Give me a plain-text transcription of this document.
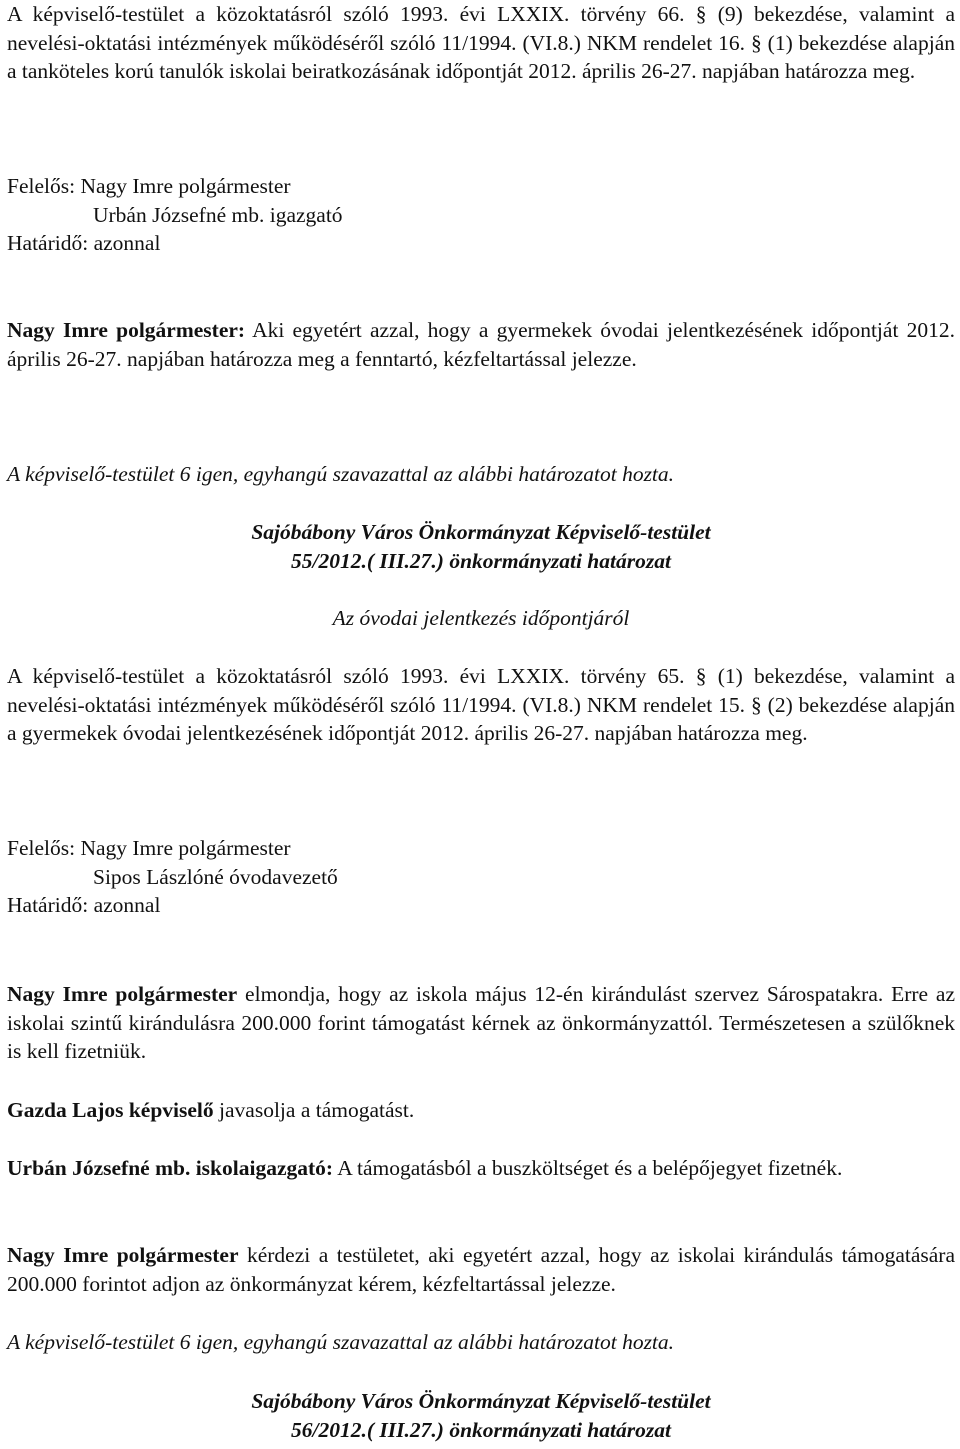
A képviselő-testület a közoktatásról szóló 1993. évi LXXIX. törvény 66. § (9) bekezdése, valamint a nevelési-oktatási intézmények működéséről szóló 11/1994. (VI.8.) NKM rendelet 16. § (1) bekezdése alapján a tanköteles korú tanulók iskolai beiratkozásának időpontját 2012. április 26-27. napjában határozza meg.

Felelős: Nagy Imre polgármester
Urbán Józsefné mb. igazgató
Határidő: azonnal

Nagy Imre polgármester: Aki egyetért azzal, hogy a gyermekek óvodai jelentkezésének időpontját 2012. április 26-27. napjában határozza meg a fenntartó, kézfeltartással jelezze.

A képviselő-testület 6 igen, egyhangú szavazattal az alábbi határozatot hozta.

Sajóbábony Város Önkormányzat Képviselő-testület
55/2012.( III.27.) önkormányzati határozat

Az óvodai jelentkezés időpontjáról

A képviselő-testület a közoktatásról szóló 1993. évi LXXIX. törvény 65. § (1) bekezdése, valamint a nevelési-oktatási intézmények működéséről szóló 11/1994. (VI.8.) NKM rendelet 15. § (2) bekezdése alapján a gyermekek óvodai jelentkezésének időpontját 2012. április 26-27. napjában határozza meg.

Felelős: Nagy Imre polgármester
Sipos Lászlóné óvodavezető
Határidő: azonnal

Nagy Imre polgármester elmondja, hogy az iskola május 12-én kirándulást szervez Sárospatakra. Erre az iskolai szintű kirándulásra 200.000 forint támogatást kérnek az önkormányzattól. Természetesen a szülőknek is kell fizetniük.

Gazda Lajos képviselő javasolja a támogatást.

Urbán Józsefné mb. iskolaigazgató: A támogatásból a buszköltséget és a belépőjegyet fizetnék.

Nagy Imre polgármester kérdezi a testületet, aki egyetért azzal, hogy az iskolai kirándulás támogatására 200.000 forintot adjon az önkormányzat kérem, kézfeltartással jelezze.

A képviselő-testület 6 igen, egyhangú szavazattal az alábbi határozatot hozta.

Sajóbábony Város Önkormányzat Képviselő-testület
56/2012.( III.27.) önkormányzati határozat
